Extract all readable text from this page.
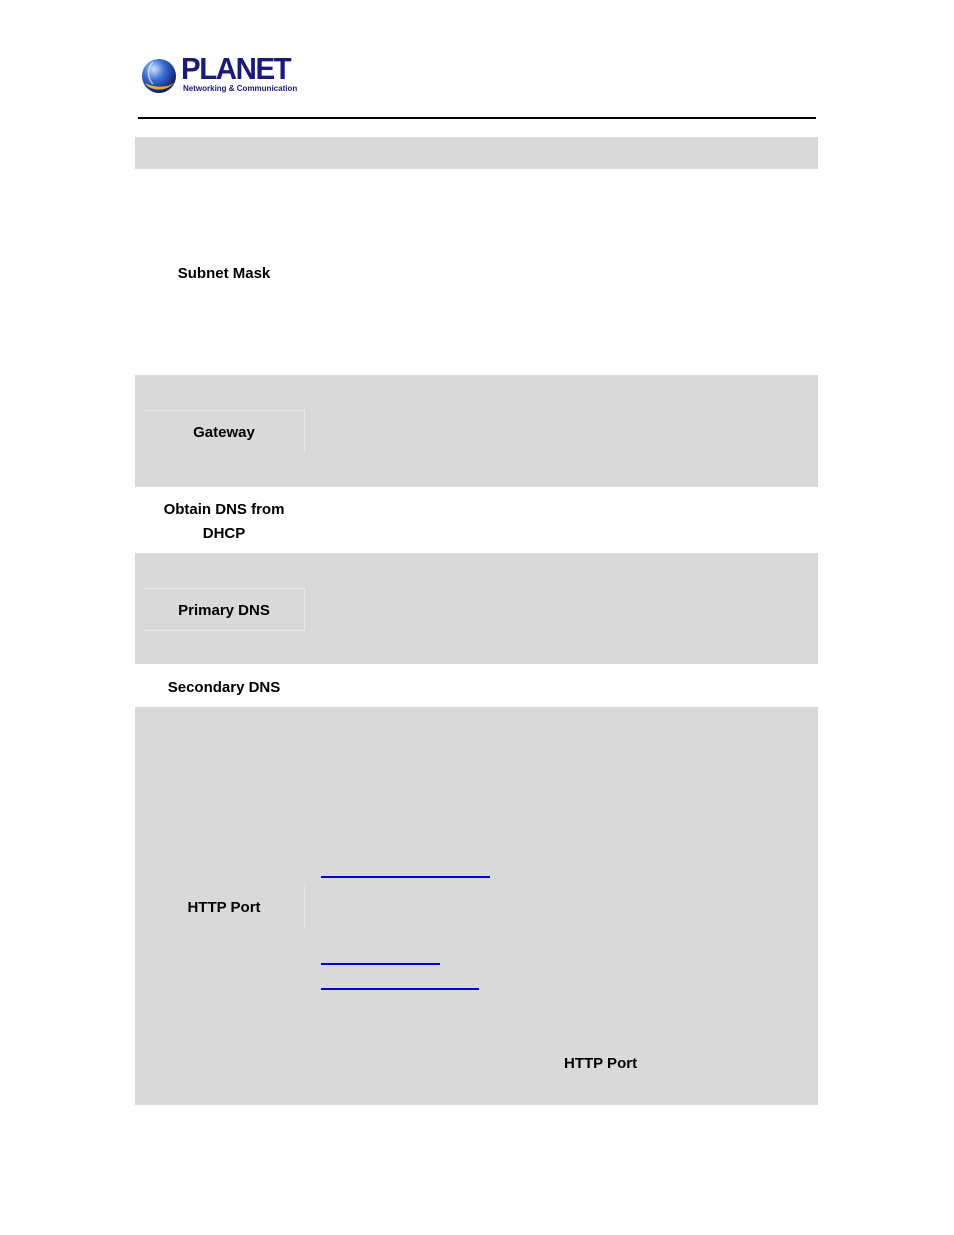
PLANET
Networking & Communication
Subnet Mask
Gateway
Obtain DNS from
DHCP
Primary DNS
Secondary DNS
HTTP Port
HTTP Port
